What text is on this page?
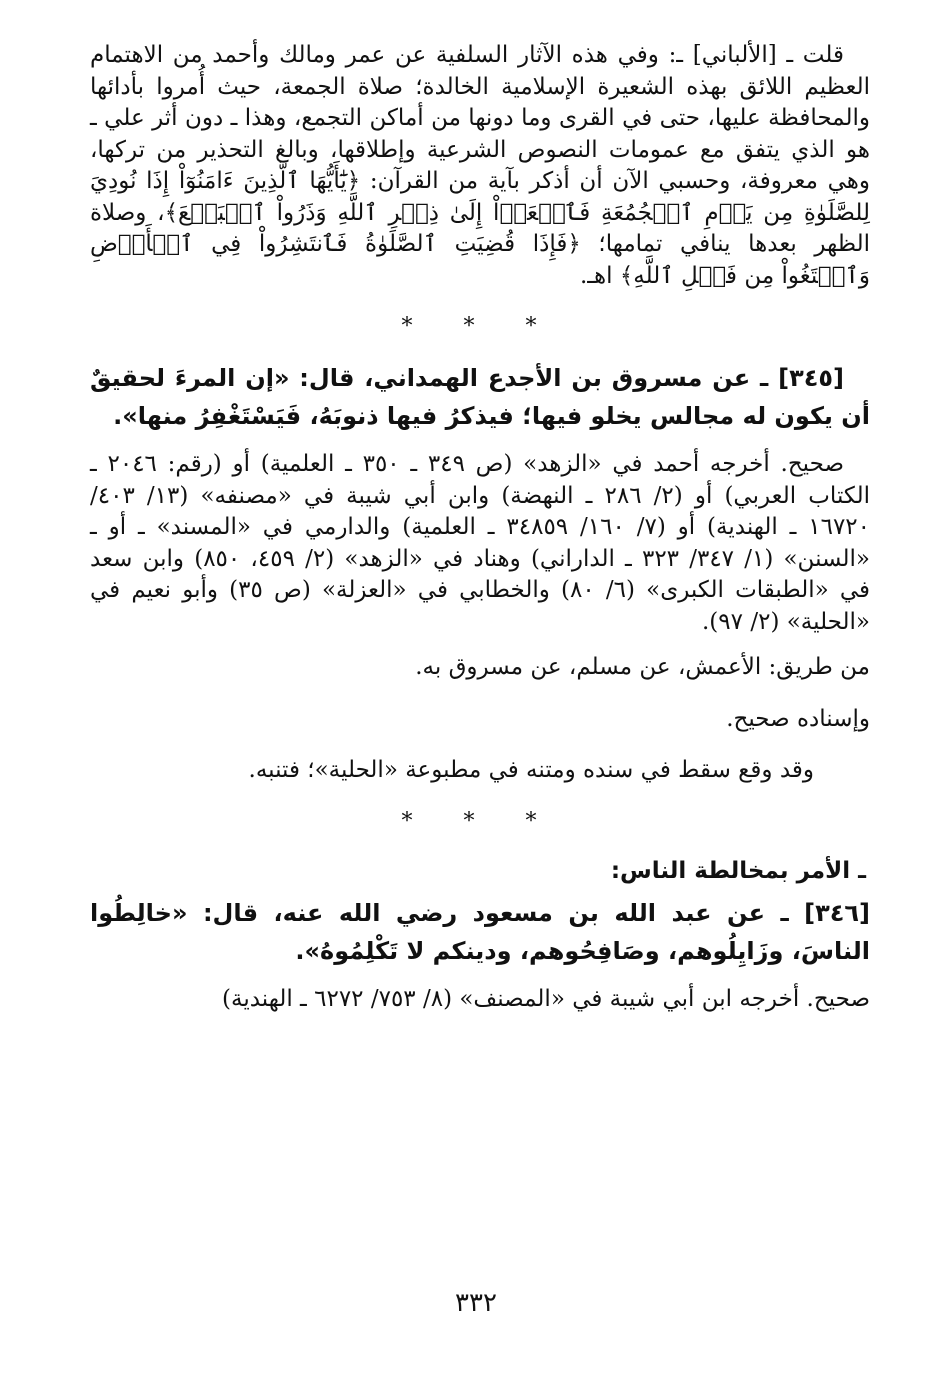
قلت ـ [الألباني] ـ: وفي هذه الآثار السلفية عن عمر ومالك وأحمد من الاهتمام العظيم اللائق بهذه الشعيرة الإسلامية الخالدة؛ صلاة الجمعة، حيث أُمروا بأدائها والمحافظة عليها، حتى في القرى وما دونها من أماكن التجمع، وهذا ـ دون أثر علي ـ هو الذي يتفق مع عمومات النصوص الشرعية وإطلاقها، وبالغ التحذير من تركها، وهي معروفة، وحسبي الآن أن أذكر بآية من القرآن: ﴿يَٰٓأَيُّهَا ٱلَّذِينَ ءَامَنُوٓاْ إِذَا نُودِيَ لِلصَّلَوٰةِ مِن يَوۡمِ ٱلۡجُمُعَةِ فَٱسۡعَوۡاْ إِلَىٰ ذِكۡرِ ٱللَّهِ وَذَرُواْ ٱلۡبَيۡعَ﴾، وصلاة الظهر بعدها ينافي تمامها؛ ﴿فَإِذَا قُضِيَتِ ٱلصَّلَوٰةُ فَٱنتَشِرُواْ فِي ٱلۡأَرۡضِ وَٱبۡتَغُواْ مِن فَضۡلِ ٱللَّهِ﴾ اهـ.

* * *

[٣٤٥] ـ عن مسروق بن الأجدع الهمداني، قال: «إن المرءَ لحقيقٌ أن يكون له مجالس يخلو فيها؛ فيذكرُ فيها ذنوبَهُ، فَيَسْتَغْفِرُ منها».

صحيح. أخرجه أحمد في «الزهد» (ص ٣٤٩ ـ ٣٥٠ ـ العلمية) أو (رقم: ٢٠٤٦ ـ الكتاب العربي) أو (٢/ ٢٨٦ ـ النهضة) وابن أبي شيبة في «مصنفه» (١٣/ ٤٠٣/ ١٦٧٢٠ ـ الهندية) أو (٧/ ١٦٠/ ٣٤٨٥٩ ـ العلمية) والدارمي في «المسند» ـ أو ـ «السنن» (١/ ٣٤٧/ ٣٢٣ ـ الداراني) وهناد في «الزهد» (٢/ ٤٥٩، ٨٥٠) وابن سعد في «الطبقات الكبرى» (٦/ ٨٠) والخطابي في «العزلة» (ص ٣٥) وأبو نعيم في «الحلية» (٢/ ٩٧).

من طريق: الأعمش، عن مسلم، عن مسروق به.

وإسناده صحيح.

وقد وقع سقط في سنده ومتنه في مطبوعة «الحلية»؛ فتنبه.

* * *

ـ الأمر بمخالطة الناس:

[٣٤٦] ـ عن عبد الله بن مسعود رضي الله عنه، قال: «خالِطُوا الناسَ، وزَايِلُوهم، وصَافِحُوهم، ودينكم لا تَكْلِمُوهُ».

صحيح. أخرجه ابن أبي شيبة في «المصنف» (٨/ ٧٥٣/ ٦٢٧٢ ـ الهندية)

٣٣٢
